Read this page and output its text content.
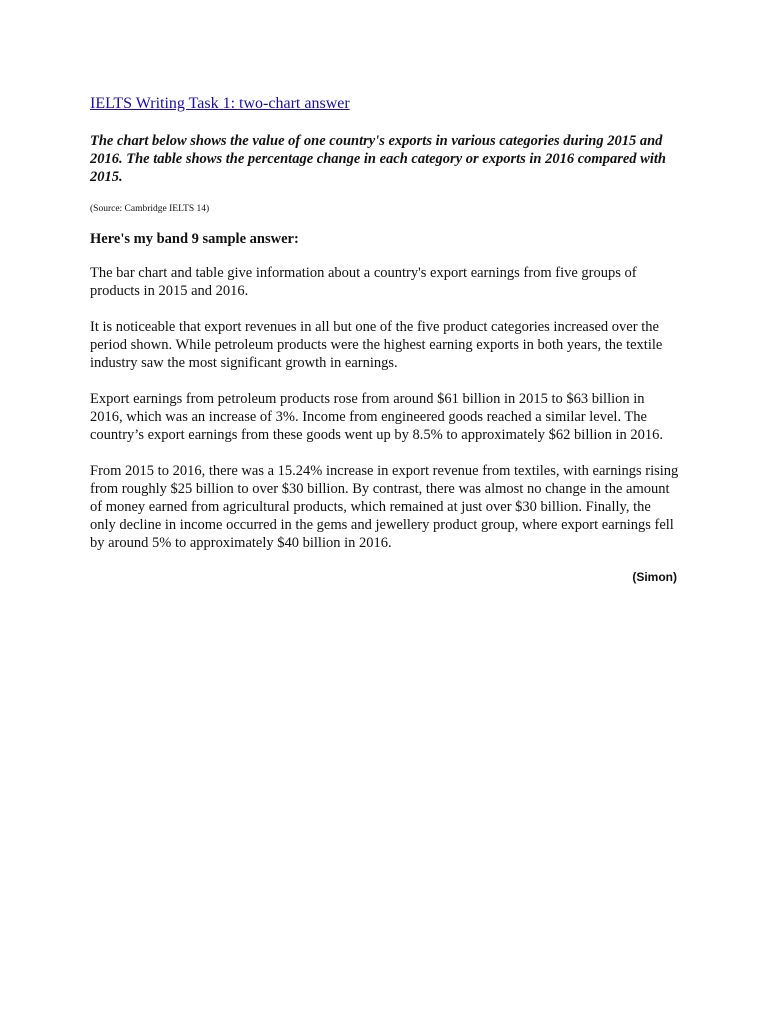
IELTS Writing Task 1: two-chart answer
The chart below shows the value of one country's exports in various categories during 2015 and 2016. The table shows the percentage change in each category or exports in 2016 compared with 2015.
(Source: Cambridge IELTS 14)
Here's my band 9 sample answer:

The bar chart and table give information about a country's export earnings from five groups of products in 2015 and 2016.

It is noticeable that export revenues in all but one of the five product categories increased over the period shown. While petroleum products were the highest earning exports in both years, the textile industry saw the most significant growth in earnings.

Export earnings from petroleum products rose from around $61 billion in 2015 to $63 billion in 2016, which was an increase of 3%. Income from engineered goods reached a similar level. The country’s export earnings from these goods went up by 8.5% to approximately $62 billion in 2016.

From 2015 to 2016, there was a 15.24% increase in export revenue from textiles, with earnings rising from roughly $25 billion to over $30 billion. By contrast, there was almost no change in the amount of money earned from agricultural products, which remained at just over $30 billion. Finally, the only decline in income occurred in the gems and jewellery product group, where export earnings fell by around 5% to approximately $40 billion in 2016.

(Simon)
